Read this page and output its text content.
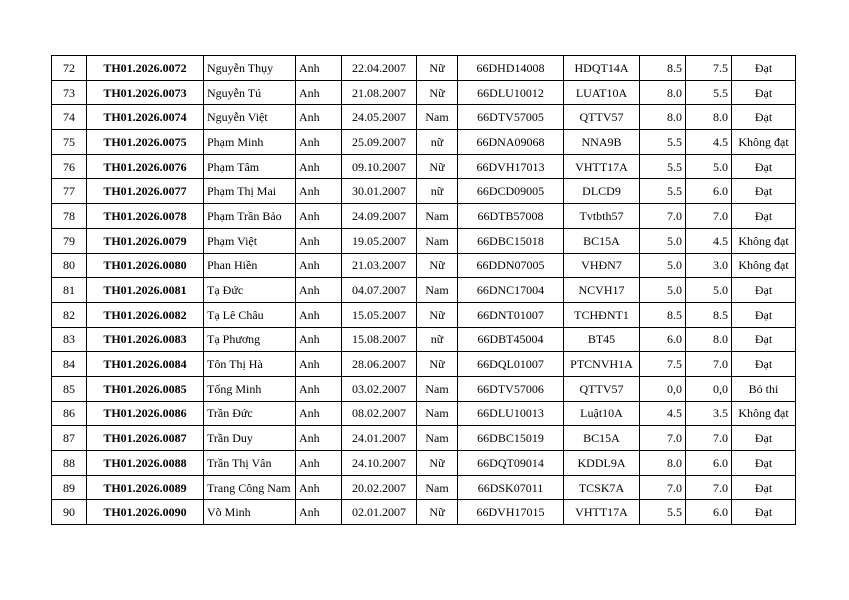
72	TH01.2026.0072	Nguyễn Thụy	Anh	22.04.2007	Nữ	66DHD14008	HDQT14A	8.5	7.5	Đạt
73	TH01.2026.0073	Nguyễn Tú	Anh	21.08.2007	Nữ	66DLU10012	LUAT10A	8.0	5.5	Đạt
74	TH01.2026.0074	Nguyễn Việt	Anh	24.05.2007	Nam	66DTV57005	QTTV57	8.0	8.0	Đạt
75	TH01.2026.0075	Phạm Minh	Anh	25.09.2007	nữ	66DNA09068	NNA9B	5.5	4.5	Không đạt
76	TH01.2026.0076	Phạm Tâm	Anh	09.10.2007	Nữ	66DVH17013	VHTT17A	5.5	5.0	Đạt
77	TH01.2026.0077	Phạm Thị Mai	Anh	30.01.2007	nữ	66DCD09005	DLCD9	5.5	6.0	Đạt
78	TH01.2026.0078	Phạm Trần Bảo	Anh	24.09.2007	Nam	66DTB57008	Tvtbth57	7.0	7.0	Đạt
79	TH01.2026.0079	Phạm Việt	Anh	19.05.2007	Nam	66DBC15018	BC15A	5.0	4.5	Không đạt
80	TH01.2026.0080	Phan Hiền	Anh	21.03.2007	Nữ	66DDN07005	VHĐN7	5.0	3.0	Không đạt
81	TH01.2026.0081	Tạ Đức	Anh	04.07.2007	Nam	66DNC17004	NCVH17	5.0	5.0	Đạt
82	TH01.2026.0082	Tạ Lê Châu	Anh	15.05.2007	Nữ	66DNT01007	TCHĐNT1	8.5	8.5	Đạt
83	TH01.2026.0083	Tạ Phương	Anh	15.08.2007	nữ	66DBT45004	BT45	6.0	8.0	Đạt
84	TH01.2026.0084	Tôn Thị Hà	Anh	28.06.2007	Nữ	66DQL01007	PTCNVH1A	7.5	7.0	Đạt
85	TH01.2026.0085	Tống Minh	Anh	03.02.2007	Nam	66DTV57006	QTTV57	0,0	0,0	Bỏ thi
86	TH01.2026.0086	Trần Đức	Anh	08.02.2007	Nam	66DLU10013	Luật10A	4.5	3.5	Không đạt
87	TH01.2026.0087	Trần Duy	Anh	24.01.2007	Nam	66DBC15019	BC15A	7.0	7.0	Đạt
88	TH01.2026.0088	Trần Thị Vân	Anh	24.10.2007	Nữ	66DQT09014	KDDL9A	8.0	6.0	Đạt
89	TH01.2026.0089	Trang Công Nam	Anh	20.02.2007	Nam	66DSK07011	TCSK7A	7.0	7.0	Đạt
90	TH01.2026.0090	Võ Minh	Anh	02.01.2007	Nữ	66DVH17015	VHTT17A	5.5	6.0	Đạt
